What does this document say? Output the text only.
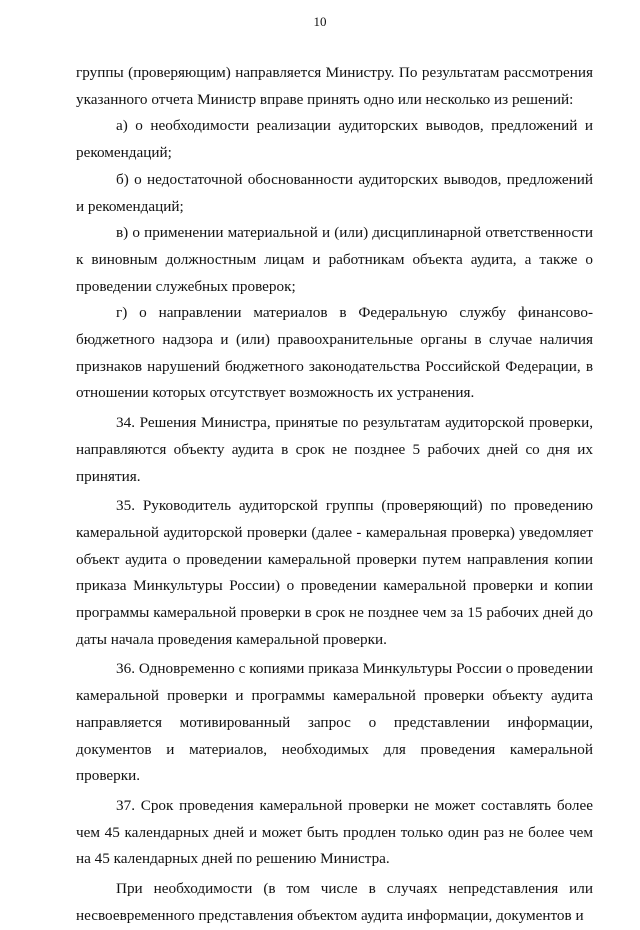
10

группы (проверяющим) направляется Министру. По результатам рассмотрения указанного отчета Министр вправе принять одно или несколько из решений:

а) о необходимости реализации аудиторских выводов, предложений и рекомендаций;

б) о недостаточной обоснованности аудиторских выводов, предложений и рекомендаций;

в) о применении материальной и (или) дисциплинарной ответственности к виновным должностным лицам и работникам объекта аудита, а также о проведении служебных проверок;

г) о направлении материалов в Федеральную службу финансово-бюджетного надзора и (или) правоохранительные органы в случае наличия признаков нарушений бюджетного законодательства Российской Федерации, в отношении которых отсутствует возможность их устранения.

34. Решения Министра, принятые по результатам аудиторской проверки, направляются объекту аудита в срок не позднее 5 рабочих дней со дня их принятия.

35. Руководитель аудиторской группы (проверяющий) по проведению камеральной аудиторской проверки (далее - камеральная проверка) уведомляет объект аудита о проведении камеральной проверки путем направления копии приказа Минкультуры России) о проведении камеральной проверки и копии программы камеральной проверки в срок не позднее чем за 15 рабочих дней до даты начала проведения камеральной проверки.

36. Одновременно с копиями приказа Минкультуры России о проведении камеральной проверки и программы камеральной проверки объекту аудита направляется мотивированный запрос о представлении информации, документов и материалов, необходимых для проведения камеральной проверки.

37. Срок проведения камеральной проверки не может составлять более чем 45 календарных дней и может быть продлен только один раз не более чем на 45 календарных дней по решению Министра.

При необходимости (в том числе в случаях непредставления или несвоевременного представления объектом аудита информации, документов и
